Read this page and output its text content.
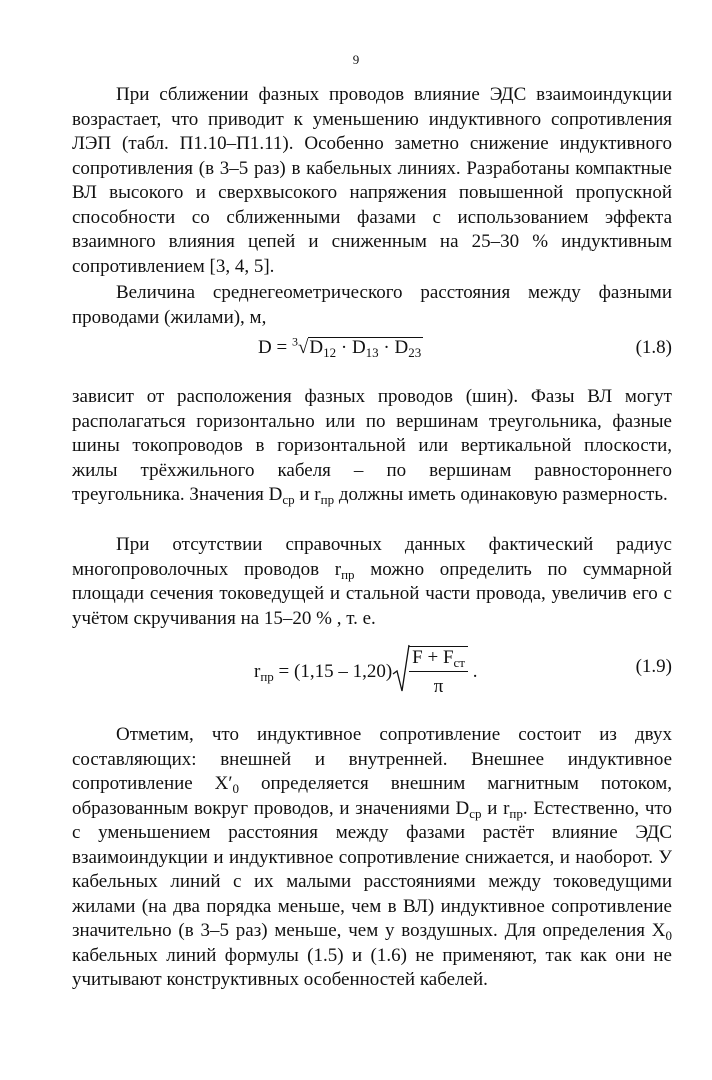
9

При сближении фазных проводов влияние ЭДС взаимоиндукции возрастает, что приводит к уменьшению индуктивного сопротивления ЛЭП (табл. П1.10–П1.11). Особенно заметно снижение индуктивного сопротивления (в 3–5 раз) в кабельных линиях. Разработаны компактные ВЛ высокого и сверхвысокого напряжения повышенной пропускной способности со сближенными фазами с использованием эффекта взаимного влияния цепей и сниженным на 25–30 % индуктивным сопротивлением [3, 4, 5].

Величина среднегеометрического расстояния между фазными проводами (жилами), м,

$D = ^3√D_{12} \cdot D_{13} \cdot D_{23}$	(1.8)

зависит от расположения фазных проводов (шин). Фазы ВЛ могут располагаться горизонтально или по вершинам треугольника, фазные шины токопроводов в горизонтальной или вертикальной плоскости, жилы трёхжильного кабеля – по вершинам равностороннего треугольника. Значения $D_{ср}$ и $r_{пр}$ должны иметь одинаковую размерность.

При отсутствии справочных данных фактический радиус многопроволочных проводов $r_{пр}$ можно определить по суммарной площади сечения токоведущей и стальной части провода, увеличив его с учётом скручивания на 15–20 % , т. е.

$r_{пр} = (1,15 - 1,20) \frac{F + F_{ст}}{\pi}$ .	(1.9)

Отметим, что индуктивное сопротивление состоит из двух составляющих: внешней и внутренней. Внешнее индуктивное сопротивление $X'_0$ определяется внешним магнитным потоком, образованным вокруг проводов, и значениями $D_{ср}$ и $r_{пр}$. Естественно, что с уменьшением расстояния между фазами растёт влияние ЭДС взаимоиндукции и индуктивное сопротивление снижается, и наоборот. У кабельных линий с их малыми расстояниями между токоведущими жилами (на два порядка меньше, чем в ВЛ) индуктивное сопротивление значительно (в 3–5 раз) меньше, чем у воздушных. Для определения $X_0$ кабельных линий формулы (1.5) и (1.6) не применяют, так как они не учитывают конструктивных особенностей кабелей.
